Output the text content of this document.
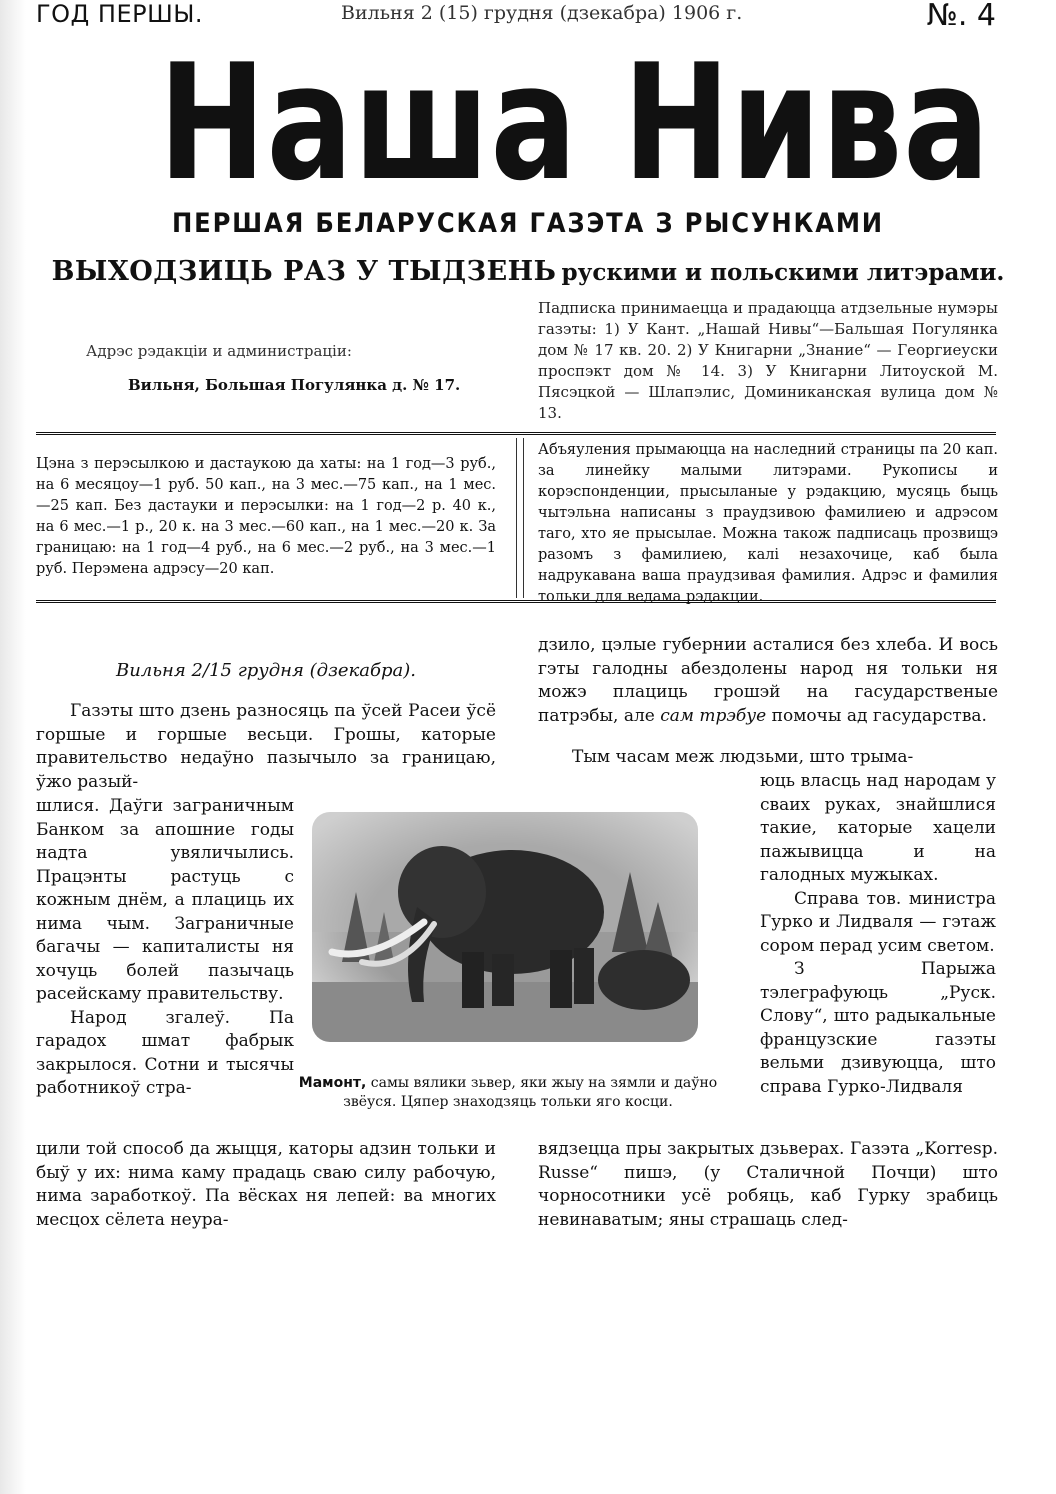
ГОД ПЕРШЫ.	Вильня 2 (15) грудня (дзекабра) 1906 г.	№. 4
Наша Нива
ПЕРШАЯ БЕЛАРУСКАЯ ГАЗЭТА З РЫСУНКАМИ
ВЫХОДЗИЦЬ РАЗ У ТЫДЗЕНЬ рускими и польскими литэрами.
Адрэс рэдакціи и администраціи:
Вильня, Большая Погулянка д. № 17.
Падписка принимаецца и прадаюцца атдзельные нумэры газэты: 1) У Кант. „Нашай Нивы“—Бальшая Погулянка дом № 17 кв. 20. 2) У Книгарни „Знание“ — Георгиеуски проспэкт дом № 14. 3) У Книгарни Литоуской М. Пясэцкой — Шлапэлис, Доминиканская вулица дом № 13.
Цэна з перэсылкою и дастаукою да хаты: на 1 год—3 руб., на 6 месяцоу—1 руб. 50 кап., на 3 мес.—75 кап., на 1 мес.—25 кап. Без дастауки и перэсылки: на 1 год—2 р. 40 к., на 6 мес.—1 р., 20 к. на 3 мес.—60 кап., на 1 мес.—20 к. За границаю: на 1 год—4 руб., на 6 мес.—2 руб., на 3 мес.—1 руб. Перэмена адрэсу—20 кап.
Абъяуления прымаюцца на наследний страницы па 20 кап. за линейку малыми литэрами. Рукописы и корэспонденции, прысыланые у рэдакцию, мусяць быць чытэльна написаны з праудзивою фамилиею и адрэсом таго, хто яе прысылае. Можна також падписаць прозвищэ разомъ з фамилиею, калі незахочице, каб была надрукавана ваша праудзивая фамилия. Адрэс и фамилия тольки для ведама рэдакции.
Вильня 2/15 грудня (дзекабра).

Газэты што дзень разносяць па ўсей Расеи ўсё горшые и горшые весьци. Грошы, каторые правительство недаўно пазычыло за границаю, ўжо разый-

шлися. Даўги заграничным Банком за апошние годы надта увяличылись. Працэнты растуць с кожным днём, а плациць их нима чым. Заграничные багачы — капиталисты ня хочуць болей пазычаць расейскаму правительству.

Народ згалеў. Па гарадох шмат фабрык закрылося. Сотни и тысячы работникоў стра-

цили той способ да жыцця, каторы адзин тольки и быў у их: нима каму прадаць сваю силу рабочую, нима заработкоў. Па вёсках ня лепей: ва многих месцох сёлета неура-

дзило, цэлые губернии асталися без хлеба. И вось гэты галодны абездолены народ ня тольки ня можэ плациць грошэй на гасударственые патрэбы, але сам трэбуе помочы ад гасударства.

Тым часам меж людзьми, што трыма-

юць власць над народам у сваих руках, знайшлися такие, каторые хацели пажывицца и на галодных мужыках.

Справа тов. министра Гурко и Лидваля — гэтаж сором перад усим светом.

З Парыжа тэлеграфуюць „Руск. Слову“, што радыкальные французские газэты вельми дзивуюцца, што справа Гурко-Лидваля

вядзецца пры закрытых дзьверах. Газэта „Korresp. Russe“ пишэ, (у Сталичной Почци) што чорносотники усё робяць, каб Гурку зрабиць невинаватым; яны страшаць след-

Мамонт, самы вялики зьвер, яки жыу на зямли и даўно звёуся. Цяпер знаходзяць тольки яго косци.
